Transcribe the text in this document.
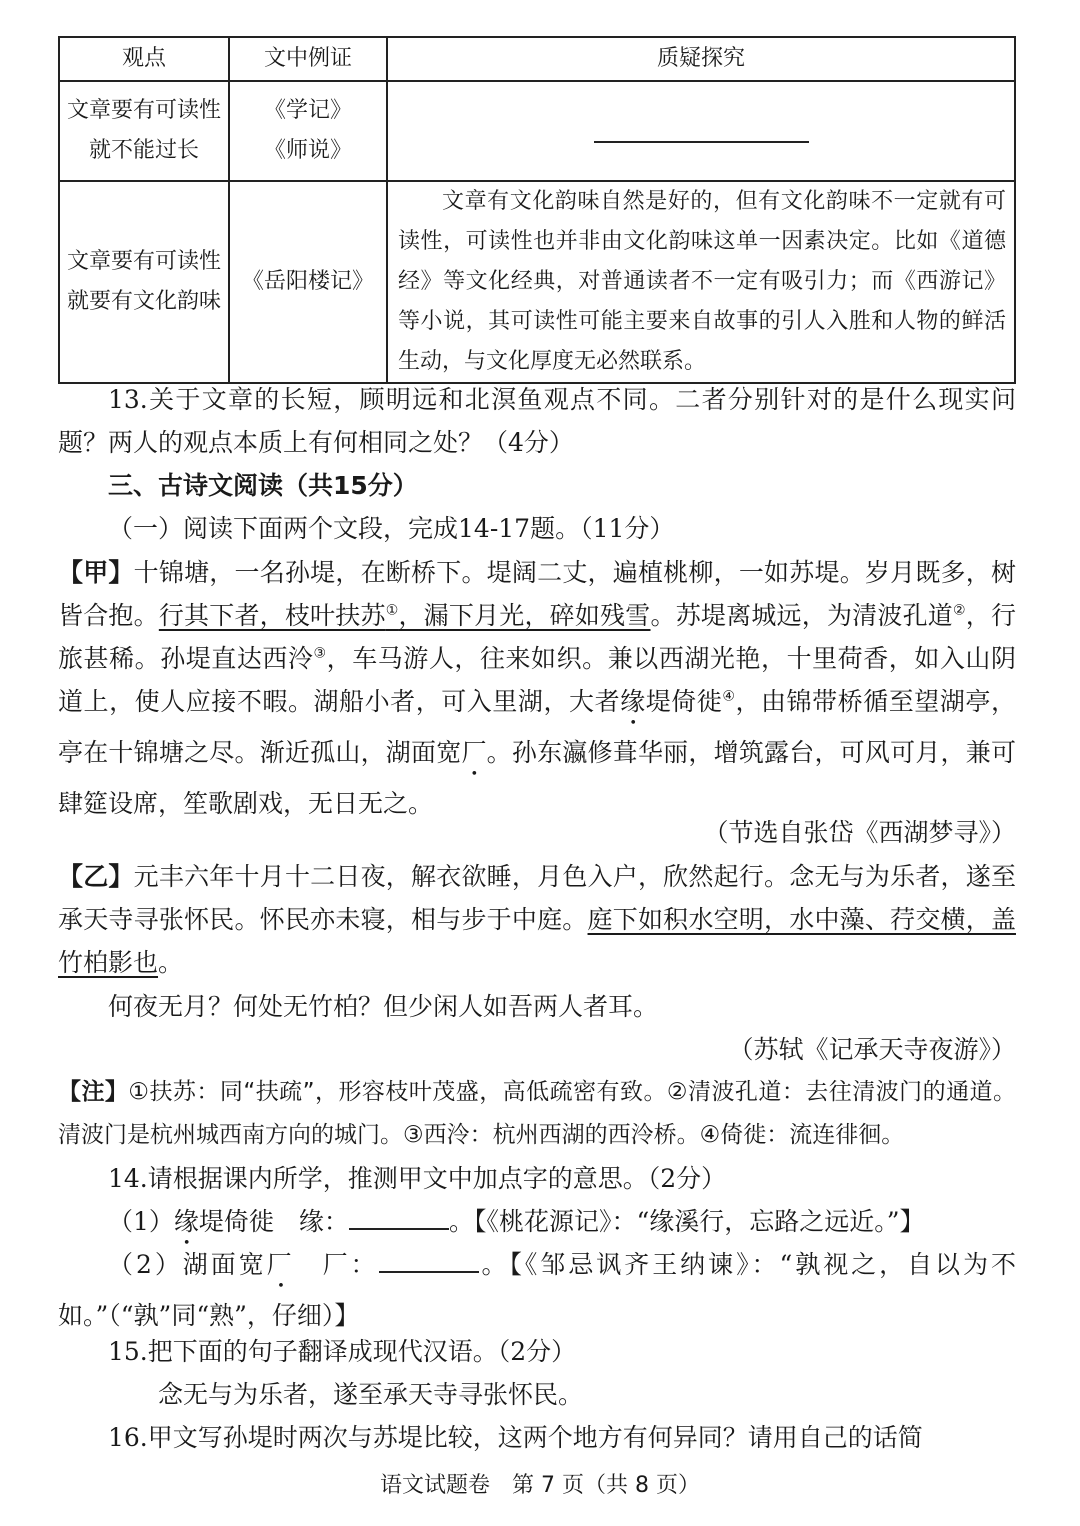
观点	文中例证	质疑探究
文章要有可读性就不能过长	《学记》
《师说》	

文章要有可读性就要有文化韵味	《岳阳楼记》	文章有文化韵味自然是好的，但有文化韵味不一定就有可读性，可读性也并非由文化韵味这单一因素决定。比如《道德经》等文化经典，对普通读者不一定有吸引力；而《西游记》等小说，其可读性可能主要来自故事的引人入胜和人物的鲜活生动，与文化厚度无必然联系。

13.关于文章的长短，顾明远和北溟鱼观点不同。二者分别针对的是什么现实问题？两人的观点本质上有何相同之处？（4分）
三、古诗文阅读（共15分）
（一）阅读下面两个文段，完成14-17题。（11分）
【甲】十锦塘，一名孙堤，在断桥下。堤阔二丈，遍植桃柳，一如苏堤。岁月既多，树皆合抱。行其下者，枝叶扶苏①，漏下月光，碎如残雪。苏堤离城远，为清波孔道②，行旅甚稀。孙堤直达西泠③，车马游人，往来如织。兼以西湖光艳，十里荷香，如入山阴道上，使人应接不暇。湖船小者，可入里湖，大者缘堤倚徙④，由锦带桥循至望湖亭，亭在十锦塘之尽。渐近孤山，湖面宽厂。孙东瀛修葺华丽，增筑露台，可风可月，兼可肆筵设席，笙歌剧戏，无日无之。
（节选自张岱《西湖梦寻》）
【乙】元丰六年十月十二日夜，解衣欲睡，月色入户，欣然起行。念无与为乐者，遂至承天寺寻张怀民。怀民亦未寝，相与步于中庭。庭下如积水空明，水中藻、荇交横，盖竹柏影也。
何夜无月？何处无竹柏？但少闲人如吾两人者耳。
（苏轼《记承天寺夜游》）
【注】①扶苏：同“扶疏”，形容枝叶茂盛，高低疏密有致。②清波孔道：去往清波门的通道。清波门是杭州城西南方向的城门。③西泠：杭州西湖的西泠桥。④倚徙：流连徘徊。
14.请根据课内所学，推测甲文中加点字的意思。（2分）
（1）缘堤倚徙　缘：	。【《桃花源记》：“缘溪行，忘路之远近。”】
（2）湖面宽厂　厂：	。【《邹忌讽齐王纳谏》：“孰视之，自以为不如。”（“孰”同“熟”，仔细）】
15.把下面的句子翻译成现代汉语。（2分）
念无与为乐者，遂至承天寺寻张怀民。
16.甲文写孙堤时两次与苏堤比较，这两个地方有何异同？请用自己的话简
语文试题卷　第 7 页（共 8 页）
